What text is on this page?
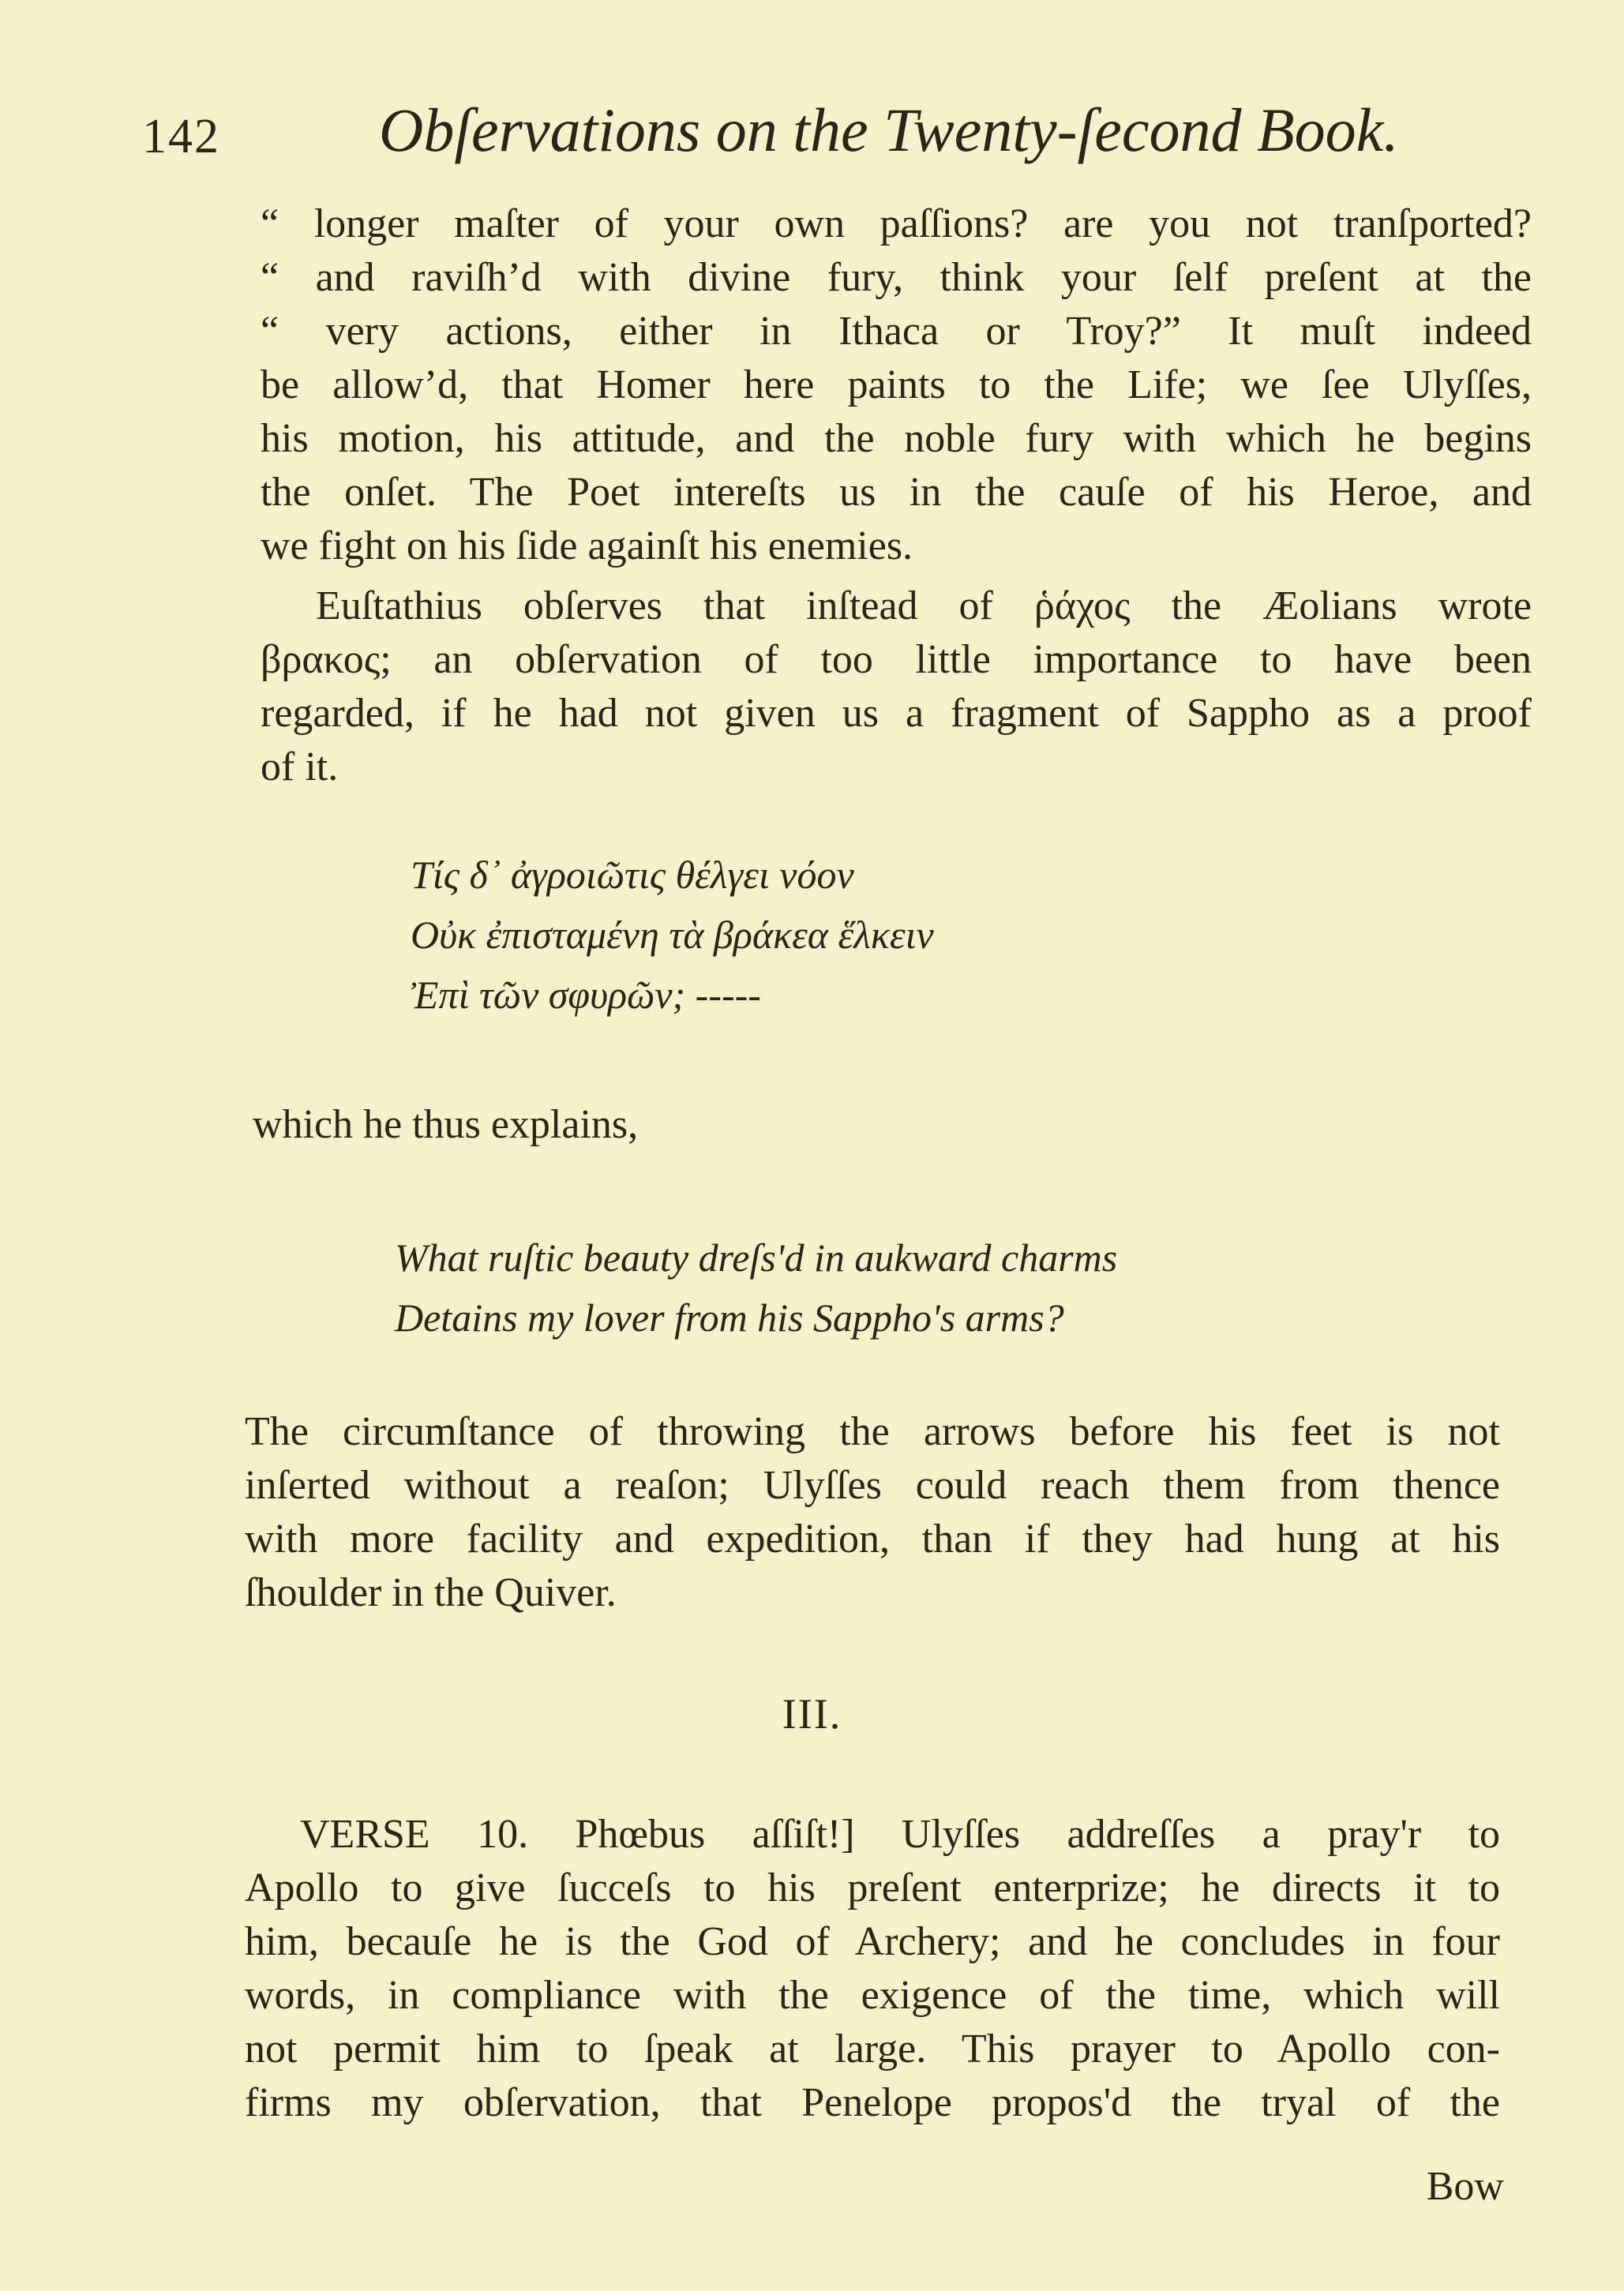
142	Obſervations on the Twenty-ſecond Book.
“ longer maſter of your own paſſions? are you not tranſported?
“ and raviſh’d with divine fury, think your ſelf preſent at the
“ very actions, either in Ithaca or Troy?” It muſt indeed
be allow’d, that Homer here paints to the Life; we ſee Ulyſſes,
his motion, his attitude, and the noble fury with which he begins
the onſet. The Poet intereſts us in the cauſe of his Heroe, and
we fight on his ſide againſt his enemies.
Euſtathius obſerves that inſtead of ῥάχος the Æolians wrote
βρακος; an obſervation of too little importance to have been
regarded, if he had not given us a fragment of Sappho as a proof
of it.
Τίς δ᾽ ἀγροιῶτις θέλγει νόον
Οὐκ ἐπισταμένη τὰ βράκεα ἕλκειν
Ἐπὶ τῶν σφυρῶν; -----
which he thus explains,
What ruſtic beauty dreſs'd in aukward charms
Detains my lover from his Sappho's arms?
The circumſtance of throwing the arrows before his feet is not
inſerted without a reaſon; Ulyſſes could reach them from thence
with more facility and expedition, than if they had hung at his
ſhoulder in the Quiver.
III.
VERSE 10. Phœbus aſſiſt!] Ulyſſes addreſſes a pray'r to
Apollo to give ſucceſs to his preſent enterprize; he directs it to
him, becauſe he is the God of Archery; and he concludes in four
words, in compliance with the exigence of the time, which will
not permit him to ſpeak at large. This prayer to Apollo con-
firms my obſervation, that Penelope propos'd the tryal of the
Bow
